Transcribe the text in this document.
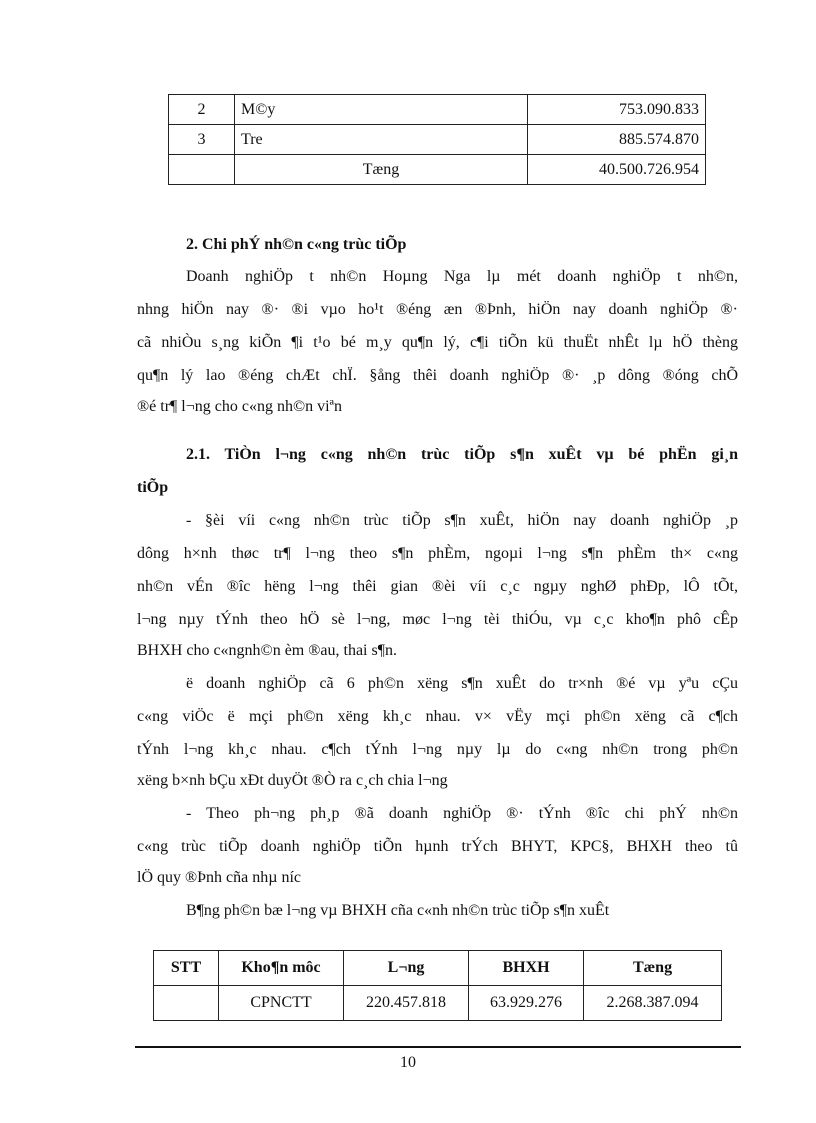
2	M©y	753.090.833
3	Tre	885.574.870
	Tæng	40.500.726.954
2. Chi phÝ nh©n c«ng trùc tiÕp
Doanh nghiÖp t nh©n Hoµng Nga lµ mét doanh nghiÖp t nh©n,
nhng hiÖn nay ®· ®i vµo ho¹t ®éng æn ®Þnh, hiÖn nay doanh nghiÖp ®·
cã nhiÒu s¸ng kiÕn ¶i t¹o bé m¸y qu¶n lý, c¶i tiÕn kü thuËt nhÊt lµ hÖ thèng
qu¶n lý lao ®éng chÆt chÏ. §ång thêi doanh nghiÖp ®· ¸p dông ®óng chÕ
®é tr¶ l¬ng cho c«ng nh©n viªn
2.1. TiÒn l¬ng c«ng nh©n trùc tiÕp s¶n xuÊt vµ bé phËn gi¸n
tiÕp
- §èi víi c«ng nh©n trùc tiÕp s¶n xuÊt, hiÖn nay doanh nghiÖp ¸p
dông h×nh thøc tr¶ l¬ng theo s¶n phÈm, ngoµi l¬ng s¶n phÈm th× c«ng
nh©n vÉn ®îc hëng l¬ng thêi gian ®èi víi c¸c ngµy nghØ phÐp, lÔ tÕt,
l¬ng nµy tÝnh theo hÖ sè l¬ng, møc l¬ng tèi thiÓu, vµ c¸c kho¶n phô cÊp
BHXH cho c«ngnh©n èm ®au, thai s¶n.
ë doanh nghiÖp cã 6 ph©n xëng s¶n xuÊt do tr×nh ®é vµ yªu cÇu
c«ng viÖc ë mçi ph©n xëng kh¸c nhau. v× vËy mçi ph©n xëng cã c¶ch
tÝnh l¬ng kh¸c nhau. c¶ch tÝnh l¬ng nµy lµ do c«ng nh©n trong ph©n
xëng b×nh bÇu xÐt duyÖt ®Ò ra c¸ch chia l¬ng
- Theo ph¬ng ph¸p ®ã doanh nghiÖp ®· tÝnh ®îc chi phÝ nh©n
c«ng trùc tiÕp doanh nghiÖp tiÕn hµnh trÝch BHYT, KPC§, BHXH theo tû
lÖ quy ®Þnh cña nhµ níc
B¶ng ph©n bæ l¬ng vµ BHXH cña c«nh nh©n trùc tiÕp s¶n xuÊt
STT	Kho¶n môc	L¬ng	BHXH	Tæng
	CPNCTT	220.457.818	63.929.276	2.268.387.094
10
